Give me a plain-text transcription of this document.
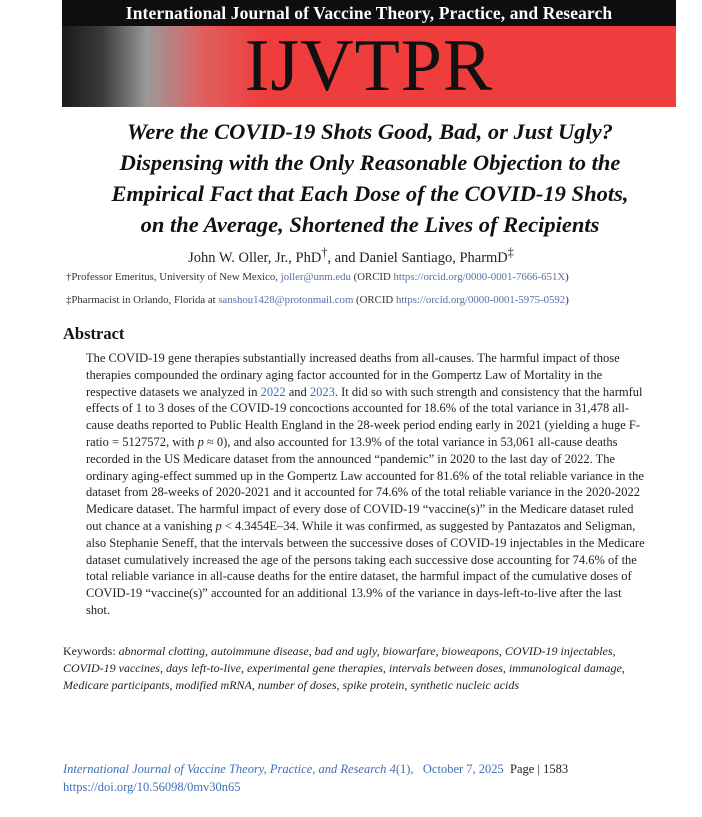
International Journal of Vaccine Theory, Practice, and Research
IJVTPR
Were the COVID-19 Shots Good, Bad, or Just Ugly?
Dispensing with the Only Reasonable Objection to the
Empirical Fact that Each Dose of the COVID-19 Shots,
on the Average, Shortened the Lives of Recipients
John W. Oller, Jr., PhD†, and Daniel Santiago, PharmD‡
†Professor Emeritus, University of New Mexico, joller@unm.edu (ORCID https://orcid.org/0000-0001-7666-651X)
‡Pharmacist in Orlando, Florida at sanshou1428@protonmail.com (ORCID https://orcid.org/0000-0001-5975-0592)
Abstract

The COVID-19 gene therapies substantially increased deaths from all-causes. The harmful impact of those therapies compounded the ordinary aging factor accounted for in the Gompertz Law of Mortality in the respective datasets we analyzed in 2022 and 2023. It did so with such strength and consistency that the harmful effects of 1 to 3 doses of the COVID-19 concoctions accounted for 18.6% of the total variance in 31,478 all-cause deaths reported to Public Health England in the 28-week period ending early in 2021 (yielding a huge F-ratio = 5127572, with p ≈ 0), and also accounted for 13.9% of the total variance in 53,061 all-cause deaths recorded in the US Medicare dataset from the announced “pandemic” in 2020 to the last day of 2022. The ordinary aging-effect summed up in the Gompertz Law accounted for 81.6% of the total reliable variance in the dataset from 28-weeks of 2020-2021 and it accounted for 74.6% of the total reliable variance in the 2020-2022 Medicare dataset. The harmful impact of every dose of COVID-19 “vaccine(s)” in the Medicare dataset ruled out chance at a vanishing p < 4.3454E–34. While it was confirmed, as suggested by Pantazatos and Seligman, also Stephanie Seneff, that the intervals between the successive doses of COVID-19 injectables in the Medicare dataset cumulatively increased the age of the persons taking each successive dose accounting for 74.6% of the total reliable variance in all-cause deaths for the entire dataset, the harmful impact of the cumulative doses of COVID-19 “vaccine(s)” accounted for an additional 13.9% of the variance in days-left-to-live after the last shot.

Keywords: abnormal clotting, autoimmune disease, bad and ugly, biowarfare, bioweapons, COVID-19 injectables, COVID-19 vaccines, days left-to-live, experimental gene therapies, intervals between doses, immunological damage, Medicare participants, modified mRNA, number of doses, spike protein, synthetic nucleic acids
International Journal of Vaccine Theory, Practice, and Research 4(1), October 7, 2025 Page | 1583
https://doi.org/10.56098/0mv30n65
